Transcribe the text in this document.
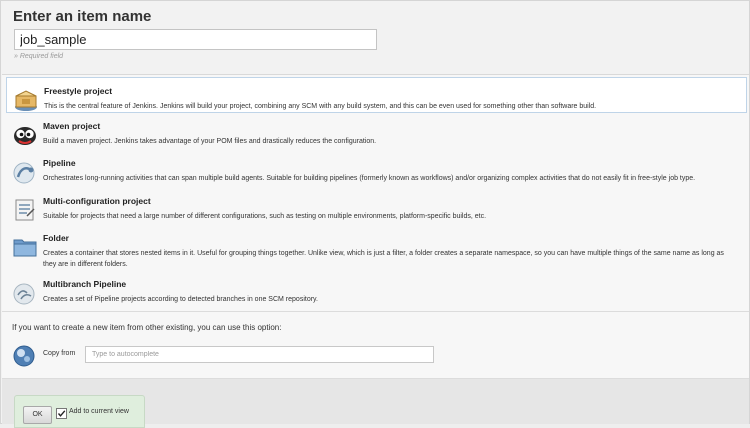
Enter an item name
job_sample
» Required field
Freestyle project
This is the central feature of Jenkins. Jenkins will build your project, combining any SCM with any build system, and this can be even used for something other than software build.
Maven project
Build a maven project. Jenkins takes advantage of your POM files and drastically reduces the configuration.
Pipeline
Orchestrates long-running activities that can span multiple build agents. Suitable for building pipelines (formerly known as workflows) and/or organizing complex activities that do not easily fit in free-style job type.
Multi-configuration project
Suitable for projects that need a large number of different configurations, such as testing on multiple environments, platform-specific builds, etc.
Folder
Creates a container that stores nested items in it. Useful for grouping things together. Unlike view, which is just a filter, a folder creates a separate namespace, so you can have multiple things of the same name as long as they are in different folders.
Multibranch Pipeline
Creates a set of Pipeline projects according to detected branches in one SCM repository.
If you want to create a new item from other existing, you can use this option:
Copy from
Type to autocomplete
OK	Add to current view
